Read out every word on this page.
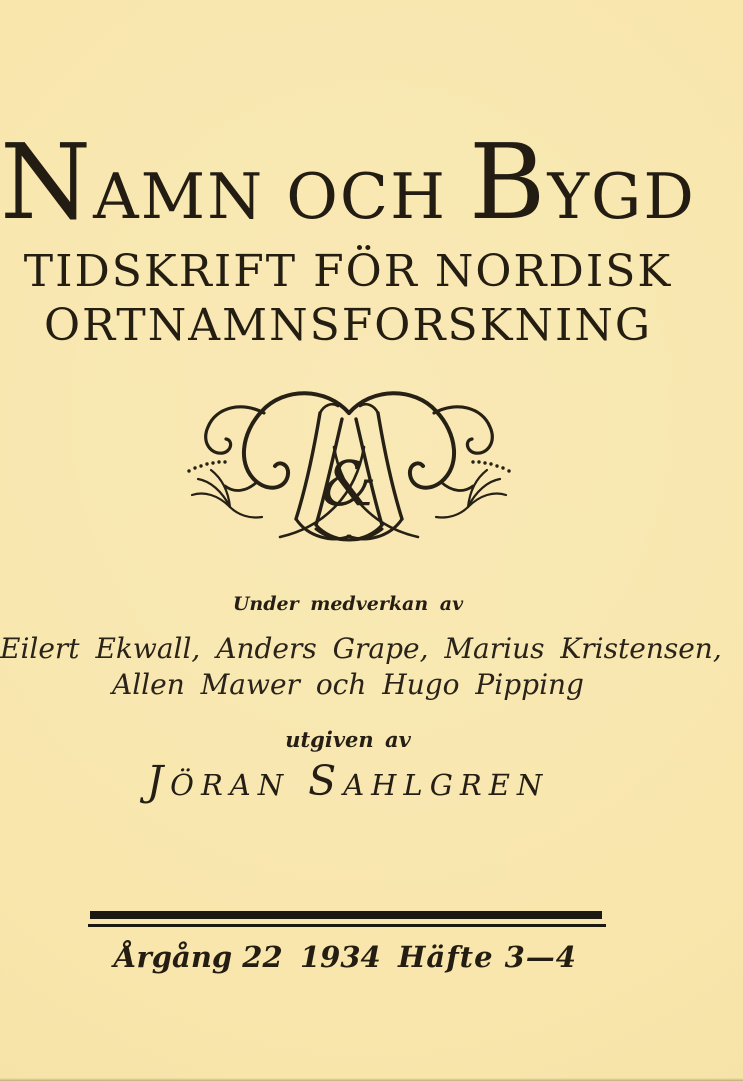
NAMN OCH BYGD
TIDSKRIFT FÖR NORDISK
ORTNAMNSFORSKNING
Under medverkan av
Eilert Ekwall, Anders Grape, Marius Kristensen,
Allen Mawer och Hugo Pipping
utgiven av
JÖRAN SAHLGREN
&
Årgång 22 1934 Häfte 3—4
